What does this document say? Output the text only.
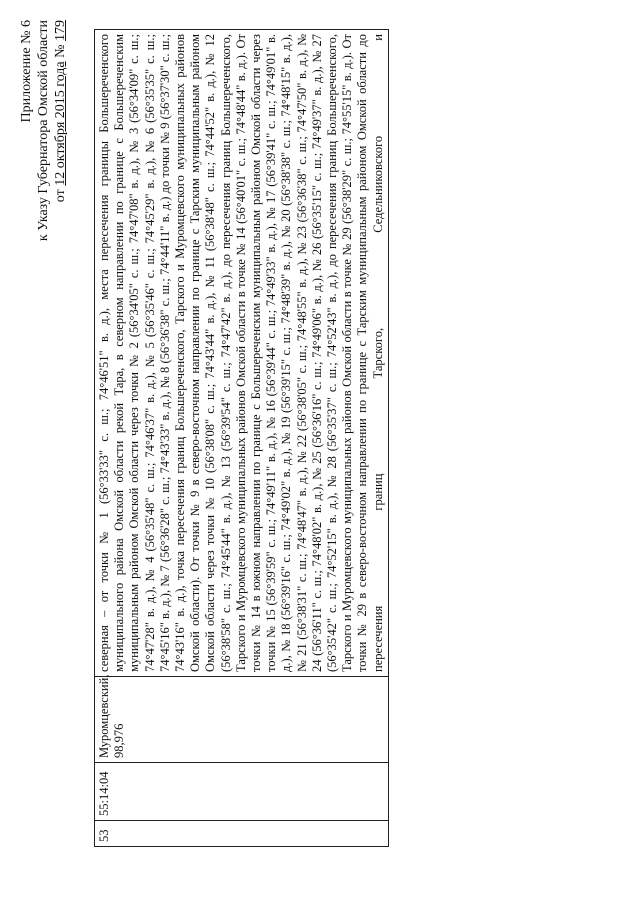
Приложение № 6 к Указу Губернатора Омской области от 12 октября 2015 года № 179
53	55:14:04	Муромцевский, 98,976	северная – от точки № 1 (56°33'33" с. ш.; 74°46'51" в. д.), места пересечения границы Большереченского муниципального района Омской области рекой Тара, в северном направлении по границе с Большереченским муниципальным районом Омской области через точки № 2 (56°34'05" с. ш.; 74°47'08" в. д.), № 3 (56°34'09" с. ш.; 74°47'28" в. д.), № 4 (56°35'48" с. ш.; 74°46'37" в. д.), № 5 (56°35'46" с. ш.; 74°45'29" в. д.), № 6 (56°35'35" с. ш.; 74°45'16" в. д.), № 7 (56°36'28" с. ш.; 74°43'33" в. д.), № 8 (56°36'38" с. ш.; 74°44'11" в. д.) до точки № 9 (56°37'30" с. ш.; 74°43'16" в. д.), точка пересечения границ Большереченского, Тарского и Муромцевского муниципальных районов Омской области). От точки № 9 в северо-восточном направлении по границе с Тарским муниципальным районом Омской области через точки № 10 (56°38'08" с. ш.; 74°43'44" в. д.), № 11 (56°38'48" с. ш.; 74°44'52" в. д.), № 12 (56°38'58" с. ш.; 74°45'44" в. д.), № 13 (56°39'54" с. ш.; 74°47'42" в. д.), до пересечения границ Большереченского, Тарского и Муромцевского муниципальных районов Омской области в точке № 14 (56°40'01" с. ш.; 74°48'44" в. д.). От точки № 14 в южном направлении по границе с Большереченским муниципальным районом Омской области через точки № 15 (56°39'59" с. ш.; 74°49'11" в. д.), № 16 (56°39'44" с. ш.; 74°49'33" в. д.), № 17 (56°39'41" с. ш.; 74°49'01" в. д.), № 18 (56°39'16" с. ш.; 74°49'02" в. д.), № 19 (56°39'15" с. ш.; 74°48'39" в. д.), № 20 (56°38'38" с. ш.; 74°48'15" в. д.), № 21 (56°38'31" с. ш.; 74°48'47" в. д.), № 22 (56°38'05" с. ш.; 74°48'55" в. д.), № 23 (56°36'38" с. ш.; 74°47'50" в. д.), № 24 (56°36'11" с. ш.; 74°48'02" в. д.), № 25 (56°36'16" с. ш.; 74°49'06" в. д.), № 26 (56°35'15" с. ш.; 74°49'37" в. д.), № 27 (56°35'42" с. ш.; 74°52'15" в. д.), № 28 (56°35'37" с. ш.; 74°52'43" в. д.), до пересечения границ Большереченского, Тарского и Муромцевского муниципальных районов Омской области в точке № 29 (56°38'29" с. ш.; 74°55'15" в. д.). От точки № 29 в северо-восточном направлении по границе с Тарским муниципальным районом Омской области до пересечения границ Тарского, Седельниковского и
